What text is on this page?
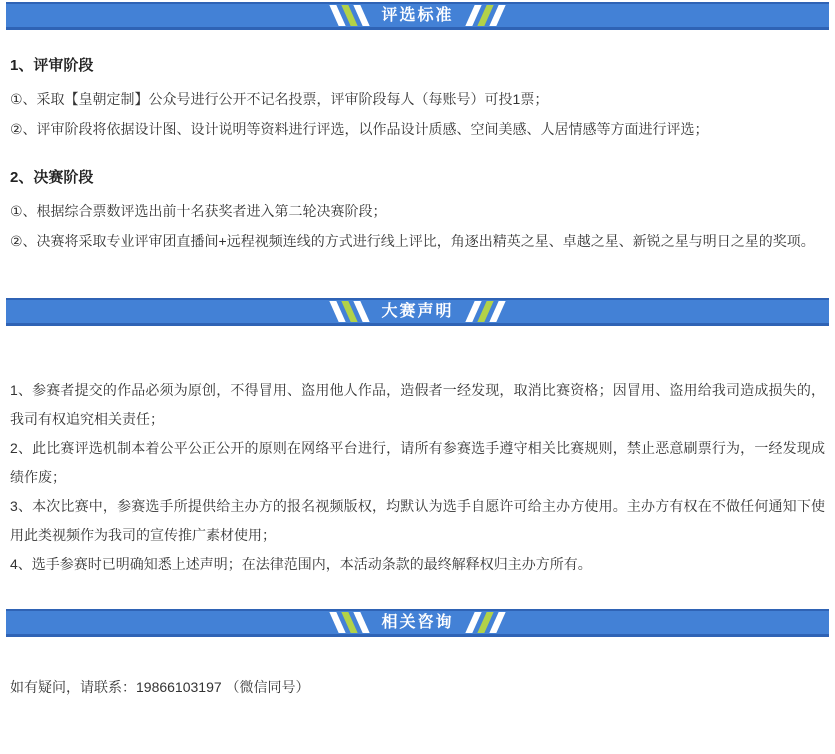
评选标准

1、评审阶段

①、采取【皇朝定制】公众号进行公开不记名投票，评审阶段每人（每账号）可投1票；

②、评审阶段将依据设计图、设计说明等资料进行评选，以作品设计质感、空间美感、人居情感等方面进行评选；

2、决赛阶段

①、根据综合票数评选出前十名获奖者进入第二轮决赛阶段；

②、决赛将采取专业评审团直播间+远程视频连线的方式进行线上评比，角逐出精英之星、卓越之星、新锐之星与明日之星的奖项。

大赛声明

1、参赛者提交的作品必须为原创，不得冒用、盗用他人作品，造假者一经发现，取消比赛资格；因冒用、盗用给我司造成损失的，我司有权追究相关责任；

2、此比赛评选机制本着公平公正公开的原则在网络平台进行，请所有参赛选手遵守相关比赛规则，禁止恶意刷票行为，一经发现成绩作废；

3、本次比赛中，参赛选手所提供给主办方的报名视频版权，均默认为选手自愿许可给主办方使用。主办方有权在不做任何通知下使用此类视频作为我司的宣传推广素材使用；

4、选手参赛时已明确知悉上述声明；在法律范围内，本活动条款的最终解释权归主办方所有。

相关咨询

如有疑问，请联系：19866103197 （微信同号）
